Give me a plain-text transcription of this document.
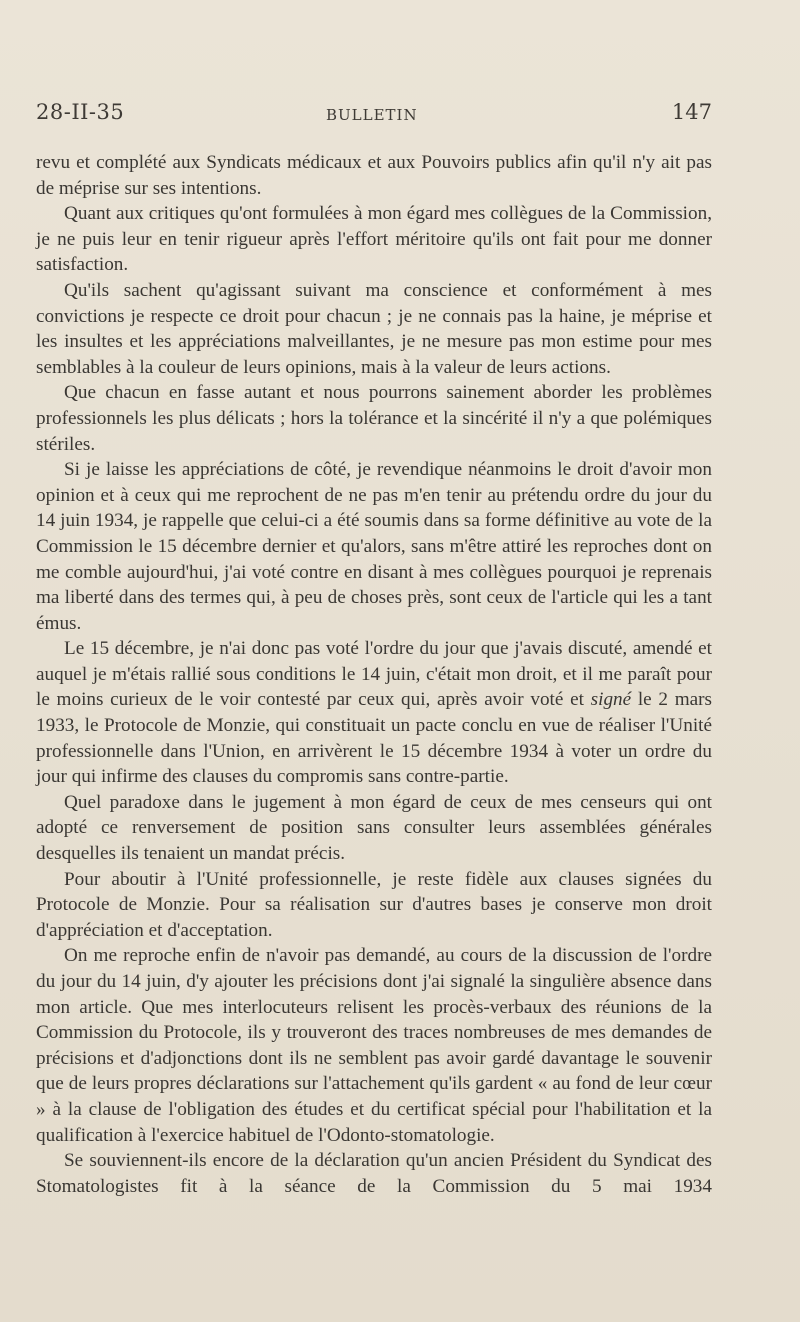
28-II-35	BULLETIN	147

revu et complété aux Syndicats médicaux et aux Pouvoirs publics afin qu'il n'y ait pas de méprise sur ses intentions.

Quant aux critiques qu'ont formulées à mon égard mes collègues de la Commission, je ne puis leur en tenir rigueur après l'effort méritoire qu'ils ont fait pour me donner satisfaction.

Qu'ils sachent qu'agissant suivant ma conscience et conformément à mes convictions je respecte ce droit pour chacun ; je ne connais pas la haine, je méprise et les insultes et les appréciations malveillantes, je ne mesure pas mon estime pour mes semblables à la couleur de leurs opinions, mais à la valeur de leurs actions.

Que chacun en fasse autant et nous pourrons sainement aborder les problèmes professionnels les plus délicats ; hors la tolérance et la sincérité il n'y a que polémiques stériles.

Si je laisse les appréciations de côté, je revendique néanmoins le droit d'avoir mon opinion et à ceux qui me reprochent de ne pas m'en tenir au prétendu ordre du jour du 14 juin 1934, je rappelle que celui-ci a été soumis dans sa forme définitive au vote de la Commission le 15 décembre dernier et qu'alors, sans m'être attiré les reproches dont on me comble aujourd'hui, j'ai voté contre en disant à mes collègues pourquoi je reprenais ma liberté dans des termes qui, à peu de choses près, sont ceux de l'article qui les a tant émus.

Le 15 décembre, je n'ai donc pas voté l'ordre du jour que j'avais discuté, amendé et auquel je m'étais rallié sous conditions le 14 juin, c'était mon droit, et il me paraît pour le moins curieux de le voir contesté par ceux qui, après avoir voté et signé le 2 mars 1933, le Protocole de Monzie, qui constituait un pacte conclu en vue de réaliser l'Unité professionnelle dans l'Union, en arrivèrent le 15 décembre 1934 à voter un ordre du jour qui infirme des clauses du compromis sans contre-partie.

Quel paradoxe dans le jugement à mon égard de ceux de mes censeurs qui ont adopté ce renversement de position sans consulter leurs assemblées générales desquelles ils tenaient un mandat précis.

Pour aboutir à l'Unité professionnelle, je reste fidèle aux clauses signées du Protocole de Monzie. Pour sa réalisation sur d'autres bases je conserve mon droit d'appréciation et d'acceptation.

On me reproche enfin de n'avoir pas demandé, au cours de la discussion de l'ordre du jour du 14 juin, d'y ajouter les précisions dont j'ai signalé la singulière absence dans mon article. Que mes interlocuteurs relisent les procès-verbaux des réunions de la Commission du Protocole, ils y trouveront des traces nombreuses de mes demandes de précisions et d'adjonctions dont ils ne semblent pas avoir gardé davantage le souvenir que de leurs propres déclarations sur l'attachement qu'ils gardent « au fond de leur cœur » à la clause de l'obligation des études et du certificat spécial pour l'habilitation et la qualification à l'exercice habituel de l'Odonto-stomatologie.

Se souviennent-ils encore de la déclaration qu'un ancien Président du Syndicat des Stomatologistes fit à la séance de la Commission du 5 mai 1934
